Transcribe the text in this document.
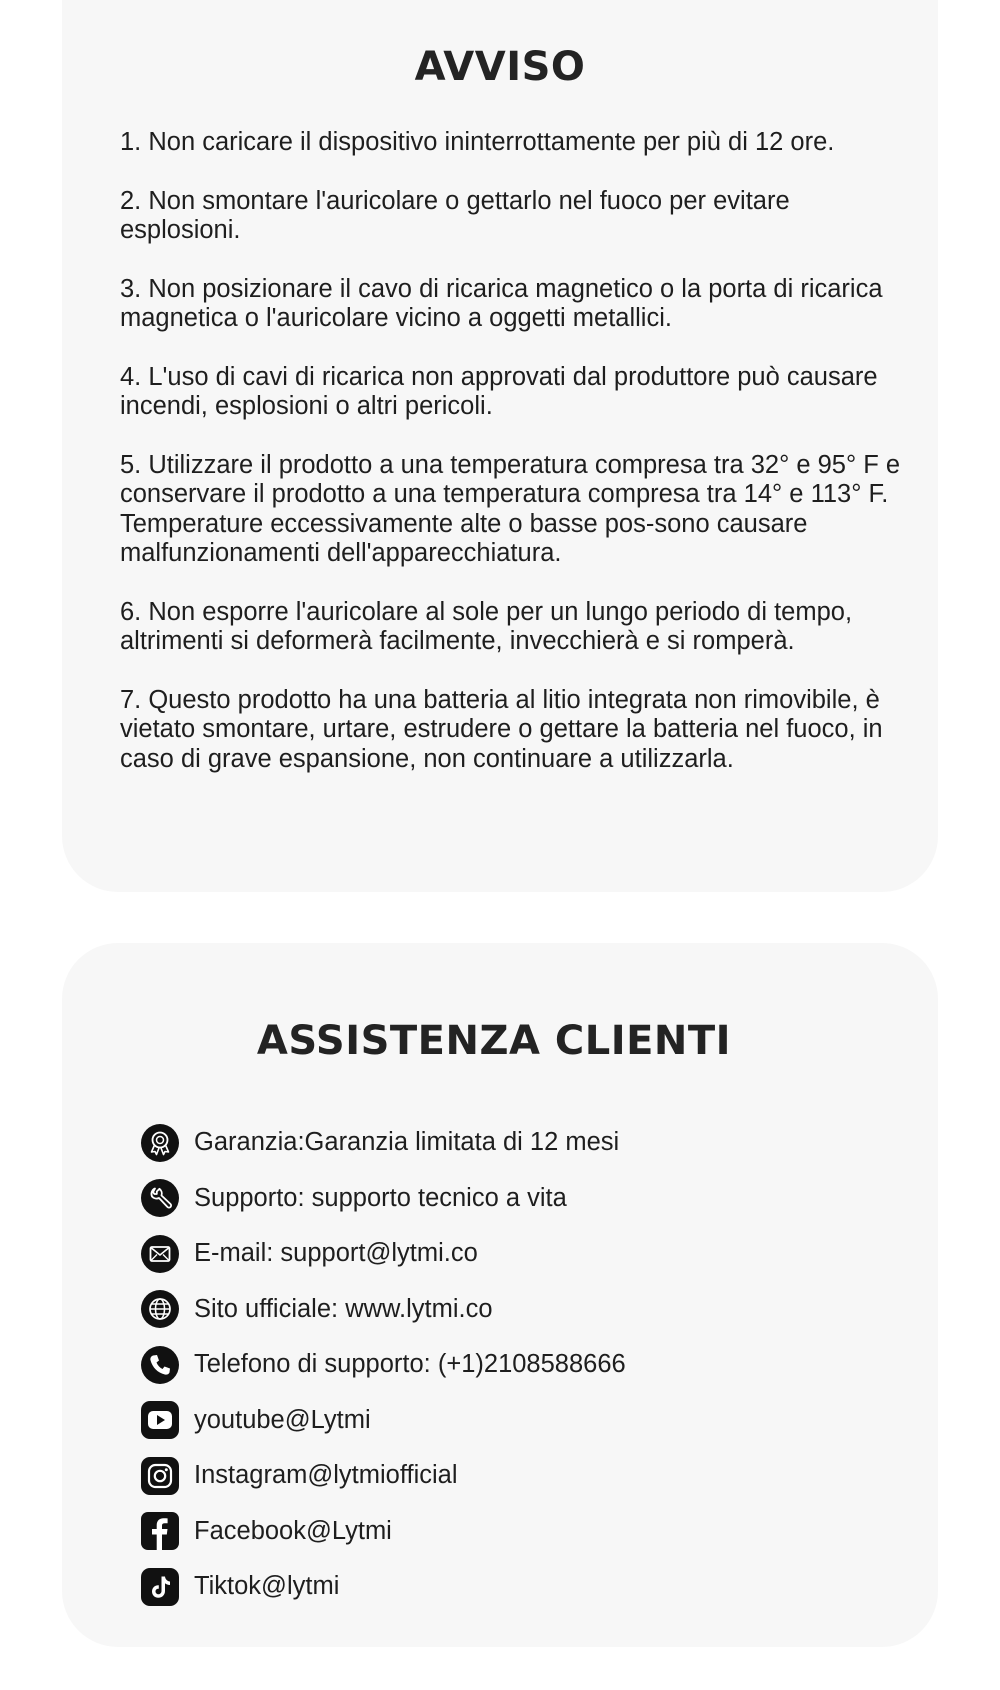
AVVISO
1. Non caricare il dispositivo ininterrottamente per più di 12 ore.
2. Non smontare l'auricolare o gettarlo nel fuoco per evitare esplosioni.
3. Non posizionare il cavo di ricarica magnetico o la porta di ricarica magnetica o l'auricolare vicino a oggetti metallici.
4. L'uso di cavi di ricarica non approvati dal produttore può causare incendi, esplosioni o altri pericoli.
5. Utilizzare il prodotto a una temperatura compresa tra 32° e 95° F e conservare il prodotto a una temperatura compresa tra 14° e 113° F. Temperature eccessivamente alte o basse pos-sono causare malfunzionamenti dell'apparecchiatura.
6. Non esporre l'auricolare al sole per un lungo periodo di tempo, altrimenti si deformerà facilmente, invecchierà e si romperà.
7. Questo prodotto ha una batteria al litio integrata non rimovibile, è vietato smontare, urtare, estrudere o gettare la batteria nel fuoco, in caso di grave espansione, non continuare a utilizzarla.
ASSISTENZA CLIENTI
Garanzia:Garanzia limitata di 12 mesi
Supporto: supporto tecnico a vita
E-mail: support@lytmi.co
Sito ufficiale: www.lytmi.co
Telefono di supporto: (+1)2108588666
youtube@Lytmi
Instagram@lytmiofficial
Facebook@Lytmi
Tiktok@lytmi
